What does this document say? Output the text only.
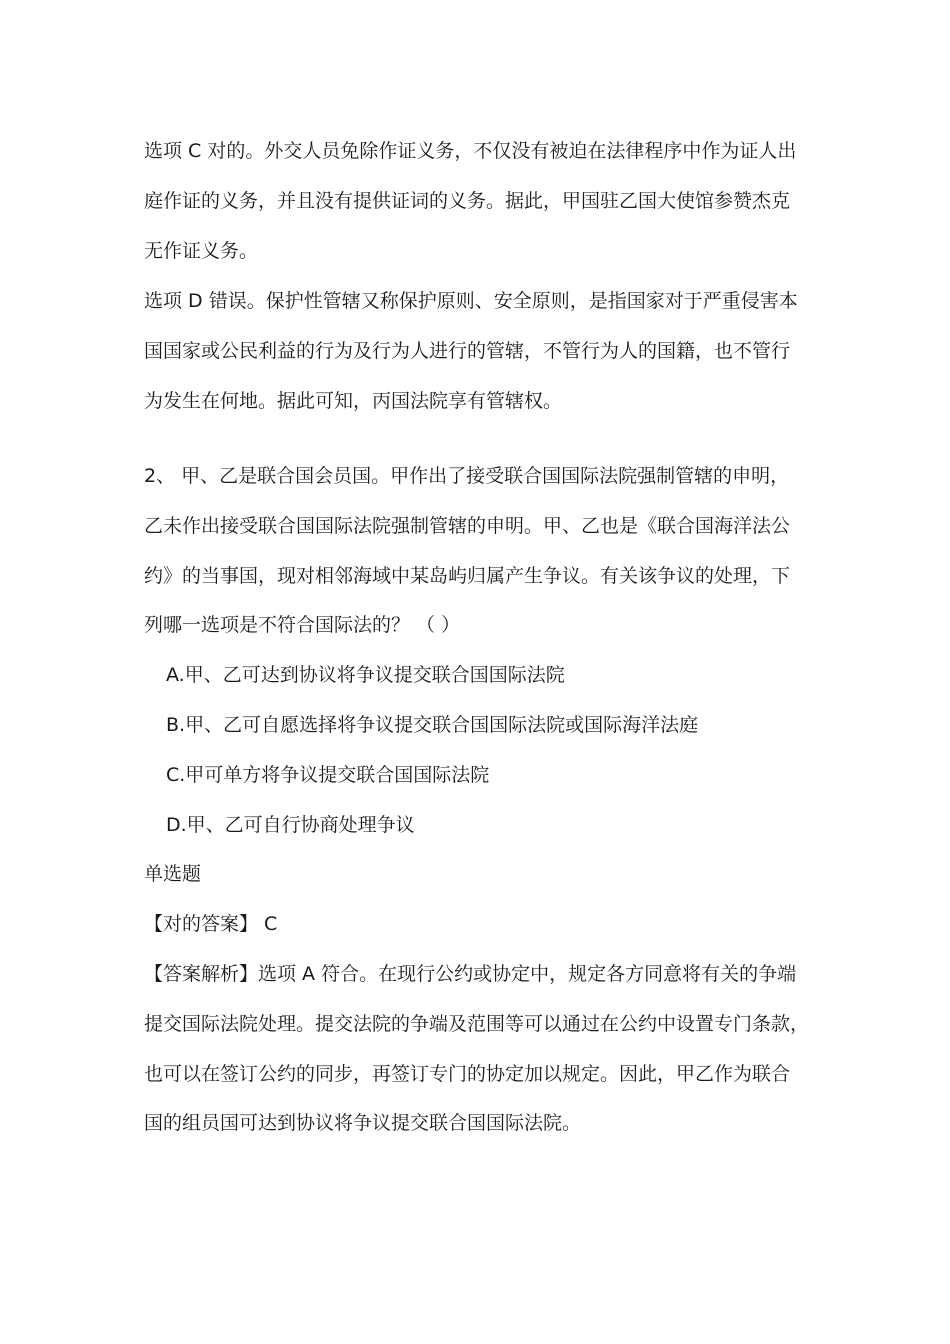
选项 C 对的。外交人员免除作证义务，不仅没有被迫在法律程序中作为证人出
庭作证的义务，并且没有提供证词的义务。据此，甲国驻乙国大使馆参赞杰克
无作证义务。
选项 D 错误。保护性管辖又称保护原则、安全原则，是指国家对于严重侵害本
国国家或公民利益的行为及行为人进行的管辖，不管行为人的国籍，也不管行
为发生在何地。据此可知，丙国法院享有管辖权。
2、 甲、乙是联合国会员国。甲作出了接受联合国国际法院强制管辖的申明，
乙未作出接受联合国国际法院强制管辖的申明。甲、乙也是《联合国海洋法公
约》的当事国，现对相邻海域中某岛屿归属产生争议。有关该争议的处理，下
列哪一选项是不符合国际法的？ （ ）
A.甲、乙可达到协议将争议提交联合国国际法院
B.甲、乙可自愿选择将争议提交联合国国际法院或国际海洋法庭
C.甲可单方将争议提交联合国国际法院
D.甲、乙可自行协商处理争议
单选题
【对的答案】 C
【答案解析】选项 A 符合。在现行公约或协定中，规定各方同意将有关的争端
提交国际法院处理。提交法院的争端及范围等可以通过在公约中设置专门条款，
也可以在签订公约的同步，再签订专门的协定加以规定。因此，甲乙作为联合
国的组员国可达到协议将争议提交联合国国际法院。
